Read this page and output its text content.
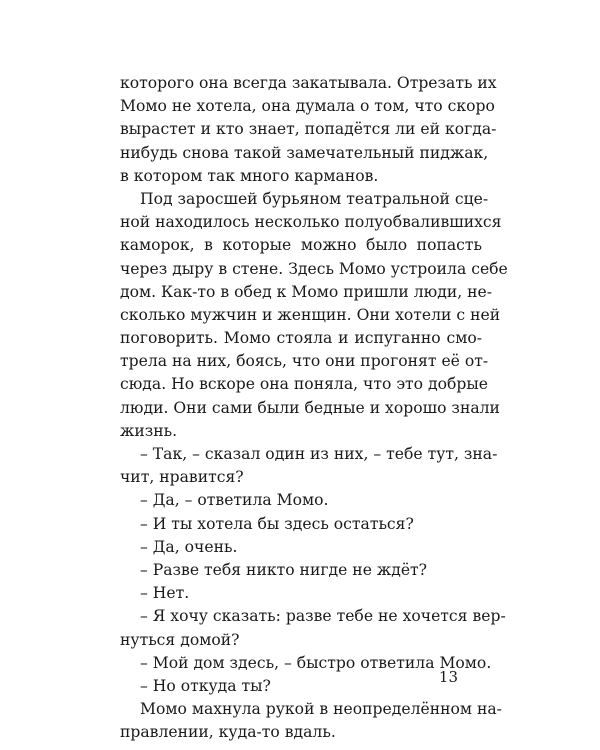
которого она всегда закатывала. Отрезать их
Момо не хотела, она думала о том, что скоро
вырастет и кто знает, попадётся ли ей когда-
нибудь снова такой замечательный пиджак,
в котором так много карманов.
Под заросшей бурьяном театральной сце-
ной находилось несколько полуобвалившихся
каморок, в которые можно было попасть
через дыру в стене. Здесь Момо устроила себе
дом. Как-то в обед к Момо пришли люди, не-
сколько мужчин и женщин. Они хотели с ней
поговорить. Момо стояла и испуганно смо-
трела на них, боясь, что они прогонят её от-
сюда. Но вскоре она поняла, что это добрые
люди. Они сами были бедные и хорошо знали
жизнь.
– Так, – сказал один из них, – тебе тут, зна-
чит, нравится?
– Да, – ответила Момо.
– И ты хотела бы здесь остаться?
– Да, очень.
– Разве тебя никто нигде не ждёт?
– Нет.
– Я хочу сказать: разве тебе не хочется вер-
нуться домой?
– Мой дом здесь, – быстро ответила Момо.
– Но откуда ты?
Момо махнула рукой в неопределённом на-
правлении, куда-то вдаль.
13
